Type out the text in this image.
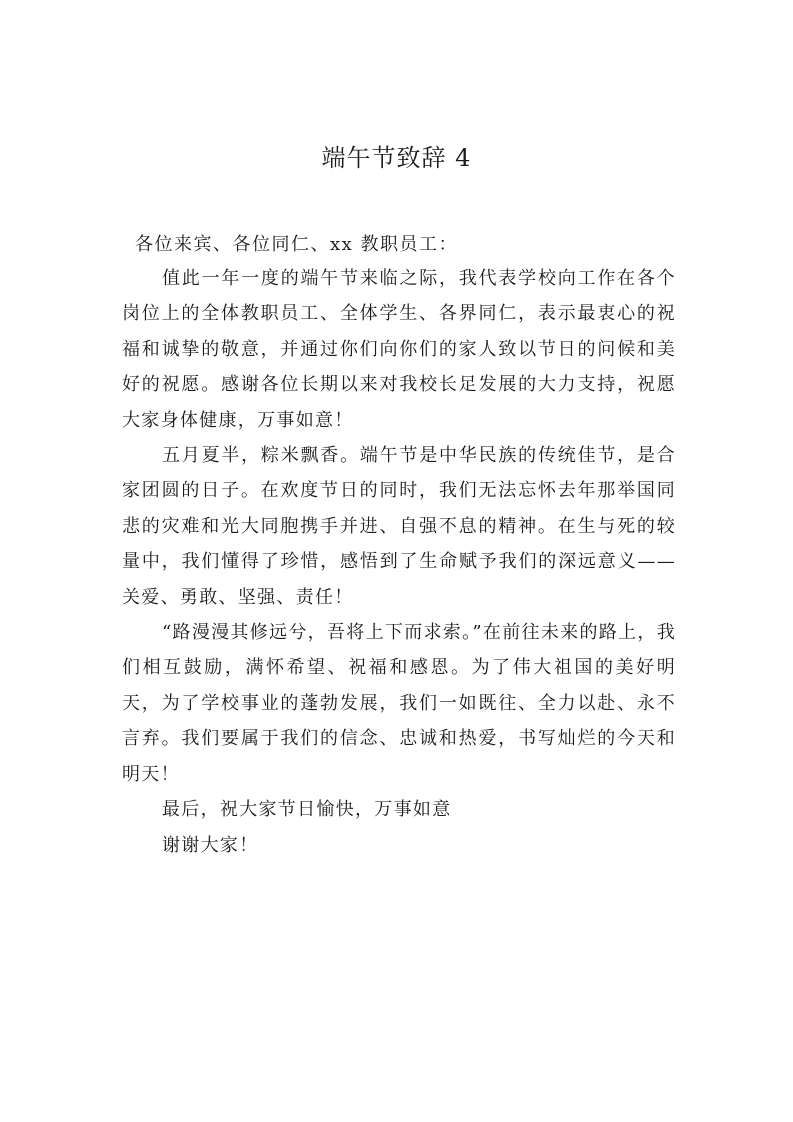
端午节致辞 4

各位来宾、各位同仁、xx 教职员工：

值此一年一度的端午节来临之际，我代表学校向工作在各个岗位上的全体教职员工、全体学生、各界同仁，表示最衷心的祝福和诚挚的敬意，并通过你们向你们的家人致以节日的问候和美好的祝愿。感谢各位长期以来对我校长足发展的大力支持，祝愿大家身体健康，万事如意！

五月夏半，粽米飘香。端午节是中华民族的传统佳节，是合家团圆的日子。在欢度节日的同时，我们无法忘怀去年那举国同悲的灾难和光大同胞携手并进、自强不息的精神。在生与死的较量中，我们懂得了珍惜，感悟到了生命赋予我们的深远意义——关爱、勇敢、坚强、责任！

“路漫漫其修远兮，吾将上下而求索。”在前往未来的路上，我们相互鼓励，满怀希望、祝福和感恩。为了伟大祖国的美好明天，为了学校事业的蓬勃发展，我们一如既往、全力以赴、永不言弃。我们要属于我们的信念、忠诚和热爱，书写灿烂的今天和明天！

最后，祝大家节日愉快，万事如意

谢谢大家！
